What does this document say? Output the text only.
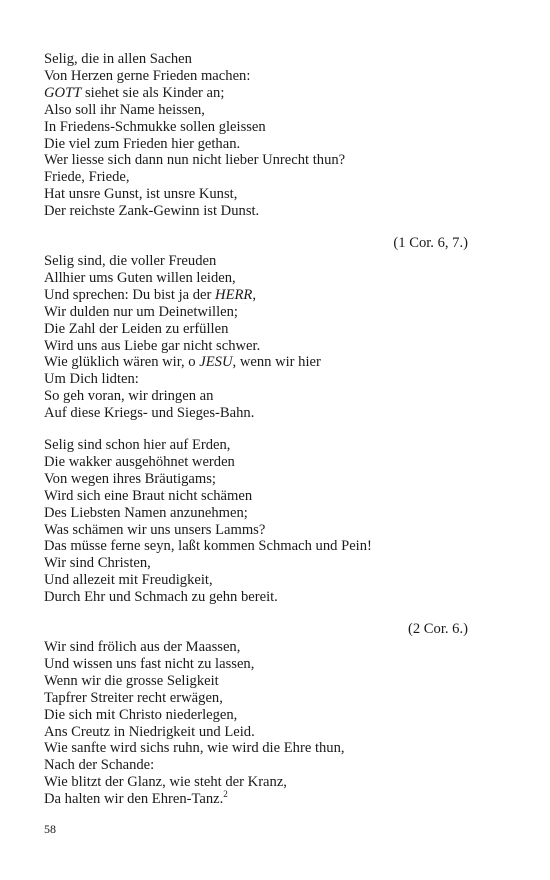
Selig, die in allen Sachen
Von Herzen gerne Frieden machen:
GOTT siehet sie als Kinder an;
Also soll ihr Name heissen,
In Friedens-Schmukke sollen gleissen
Die viel zum Frieden hier gethan.
Wer liesse sich dann nun nicht lieber Unrecht thun?
Friede, Friede,
Hat unsre Gunst, ist unsre Kunst,
Der reichste Zank-Gewinn ist Dunst.
(1 Cor. 6, 7.)
Selig sind, die voller Freuden
Allhier ums Guten willen leiden,
Und sprechen: Du bist ja der HERR,
Wir dulden nur um Deinetwillen;
Die Zahl der Leiden zu erfüllen
Wird uns aus Liebe gar nicht schwer.
Wie glüklich wären wir, o JESU, wenn wir hier
Um Dich lidten:
So geh voran, wir dringen an
Auf diese Kriegs- und Sieges-Bahn.
Selig sind schon hier auf Erden,
Die wakker ausgehöhnet werden
Von wegen ihres Bräutigams;
Wird sich eine Braut nicht schämen
Des Liebsten Namen anzunehmen;
Was schämen wir uns unsers Lamms?
Das müsse ferne seyn, laßt kommen Schmach und Pein!
Wir sind Christen,
Und allezeit mit Freudigkeit,
Durch Ehr und Schmach zu gehn bereit.
(2 Cor. 6.)
Wir sind frölich aus der Maassen,
Und wissen uns fast nicht zu lassen,
Wenn wir die grosse Seligkeit
Tapfrer Streiter recht erwägen,
Die sich mit Christo niederlegen,
Ans Creutz in Niedrigkeit und Leid.
Wie sanfte wird sichs ruhn, wie wird die Ehre thun,
Nach der Schande:
Wie blitzt der Glanz, wie steht der Kranz,
Da halten wir den Ehren-Tanz.$^2$
58
